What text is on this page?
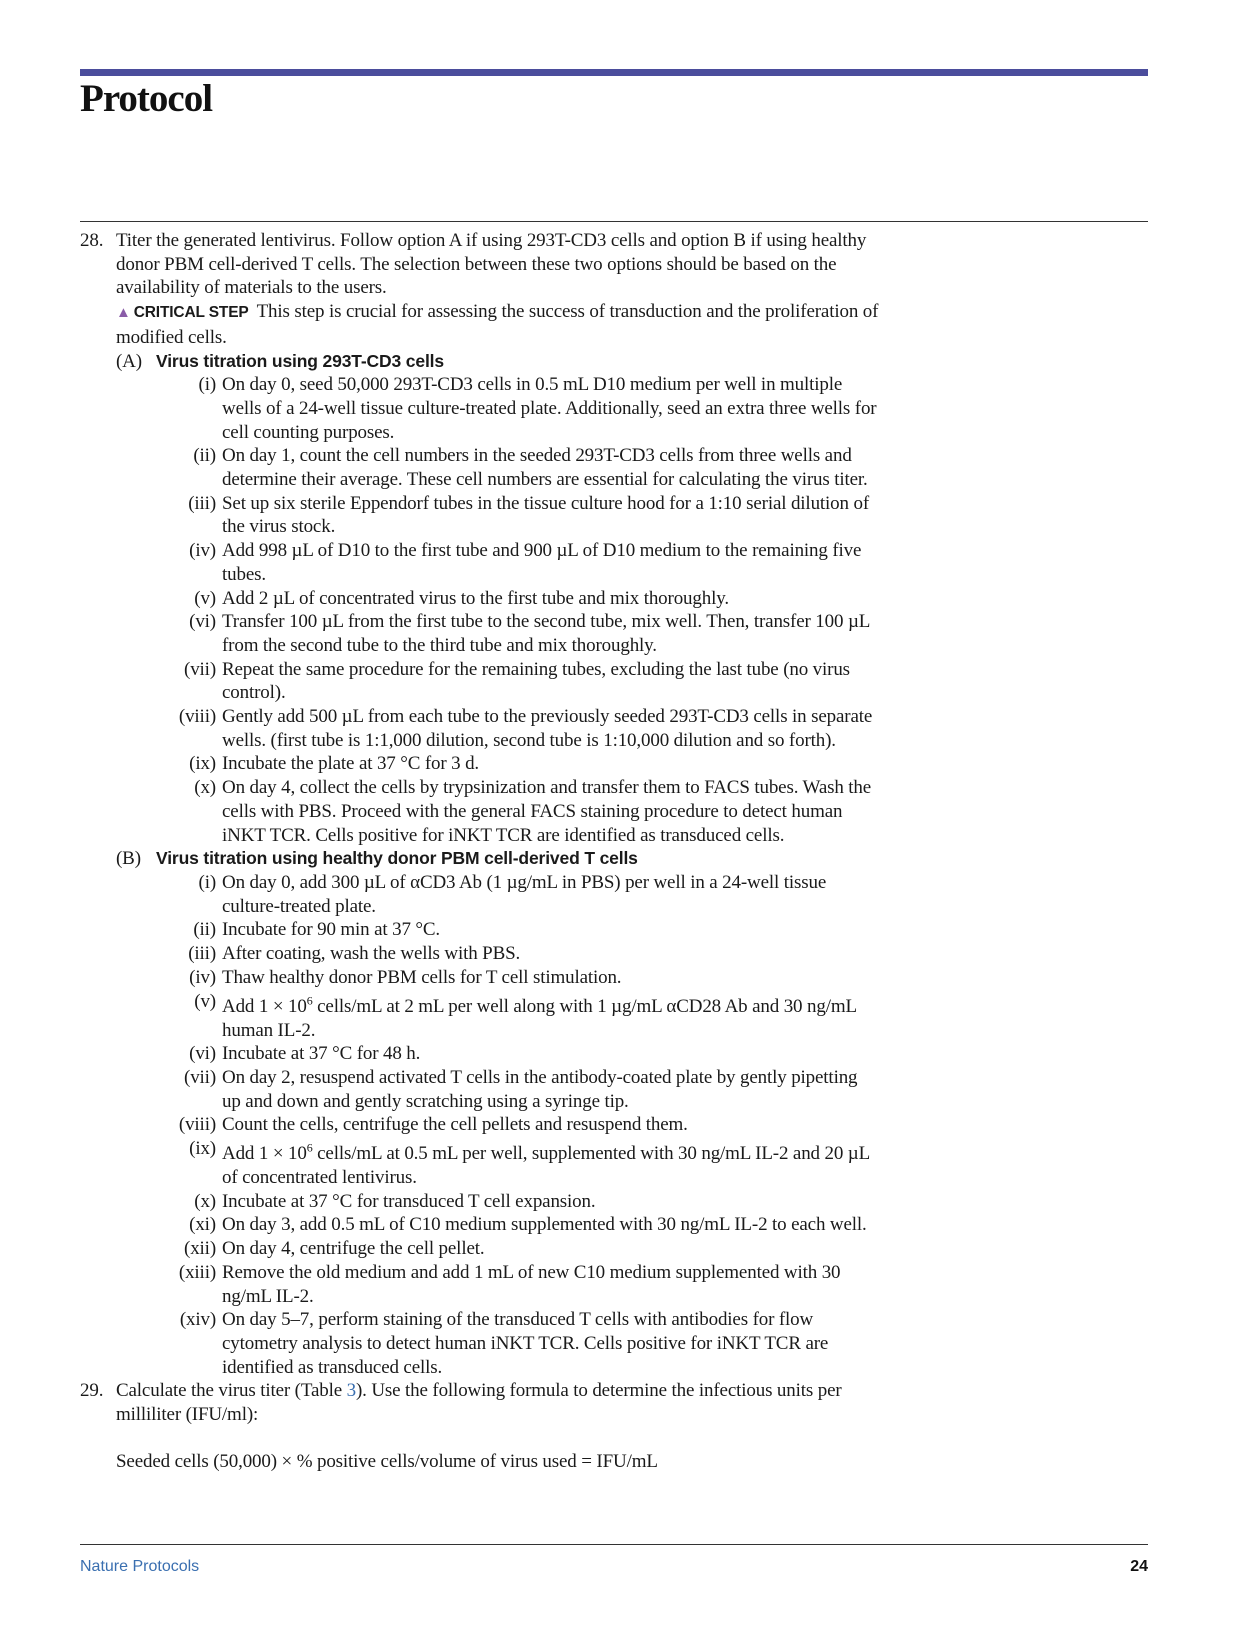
Protocol
28. Titer the generated lentivirus. Follow option A if using 293T-CD3 cells and option B if using healthy donor PBM cell-derived T cells. The selection between these two options should be based on the availability of materials to the users.
▲ CRITICAL STEP This step is crucial for assessing the success of transduction and the proliferation of modified cells.
(A) Virus titration using 293T-CD3 cells
(i) On day 0, seed 50,000 293T-CD3 cells in 0.5 mL D10 medium per well in multiple wells of a 24-well tissue culture-treated plate. Additionally, seed an extra three wells for cell counting purposes.
(ii) On day 1, count the cell numbers in the seeded 293T-CD3 cells from three wells and determine their average. These cell numbers are essential for calculating the virus titer.
(iii) Set up six sterile Eppendorf tubes in the tissue culture hood for a 1:10 serial dilution of the virus stock.
(iv) Add 998 µL of D10 to the first tube and 900 µL of D10 medium to the remaining five tubes.
(v) Add 2 µL of concentrated virus to the first tube and mix thoroughly.
(vi) Transfer 100 µL from the first tube to the second tube, mix well. Then, transfer 100 µL from the second tube to the third tube and mix thoroughly.
(vii) Repeat the same procedure for the remaining tubes, excluding the last tube (no virus control).
(viii) Gently add 500 µL from each tube to the previously seeded 293T-CD3 cells in separate wells. (first tube is 1:1,000 dilution, second tube is 1:10,000 dilution and so forth).
(ix) Incubate the plate at 37 °C for 3 d.
(x) On day 4, collect the cells by trypsinization and transfer them to FACS tubes. Wash the cells with PBS. Proceed with the general FACS staining procedure to detect human iNKT TCR. Cells positive for iNKT TCR are identified as transduced cells.
(B) Virus titration using healthy donor PBM cell-derived T cells
(i) On day 0, add 300 µL of αCD3 Ab (1 µg/mL in PBS) per well in a 24-well tissue culture-treated plate.
(ii) Incubate for 90 min at 37 °C.
(iii) After coating, wash the wells with PBS.
(iv) Thaw healthy donor PBM cells for T cell stimulation.
(v) Add $1 \times 10^6$ cells/mL at 2 mL per well along with 1 µg/mL αCD28 Ab and 30 ng/mL human IL-2.
(vi) Incubate at 37 °C for 48 h.
(vii) On day 2, resuspend activated T cells in the antibody-coated plate by gently pipetting up and down and gently scratching using a syringe tip.
(viii) Count the cells, centrifuge the cell pellets and resuspend them.
(ix) Add $1 \times 10^6$ cells/mL at 0.5 mL per well, supplemented with 30 ng/mL IL-2 and 20 µL of concentrated lentivirus.
(x) Incubate at 37 °C for transduced T cell expansion.
(xi) On day 3, add 0.5 mL of C10 medium supplemented with 30 ng/mL IL-2 to each well.
(xii) On day 4, centrifuge the cell pellet.
(xiii) Remove the old medium and add 1 mL of new C10 medium supplemented with 30 ng/mL IL-2.
(xiv) On day 5–7, perform staining of the transduced T cells with antibodies for flow cytometry analysis to detect human iNKT TCR. Cells positive for iNKT TCR are identified as transduced cells.
29. Calculate the virus titer (Table 3). Use the following formula to determine the infectious units per milliliter (IFU/ml):
Seeded cells (50,000) × % positive cells/volume of virus used = IFU/mL
Nature Protocols	24
